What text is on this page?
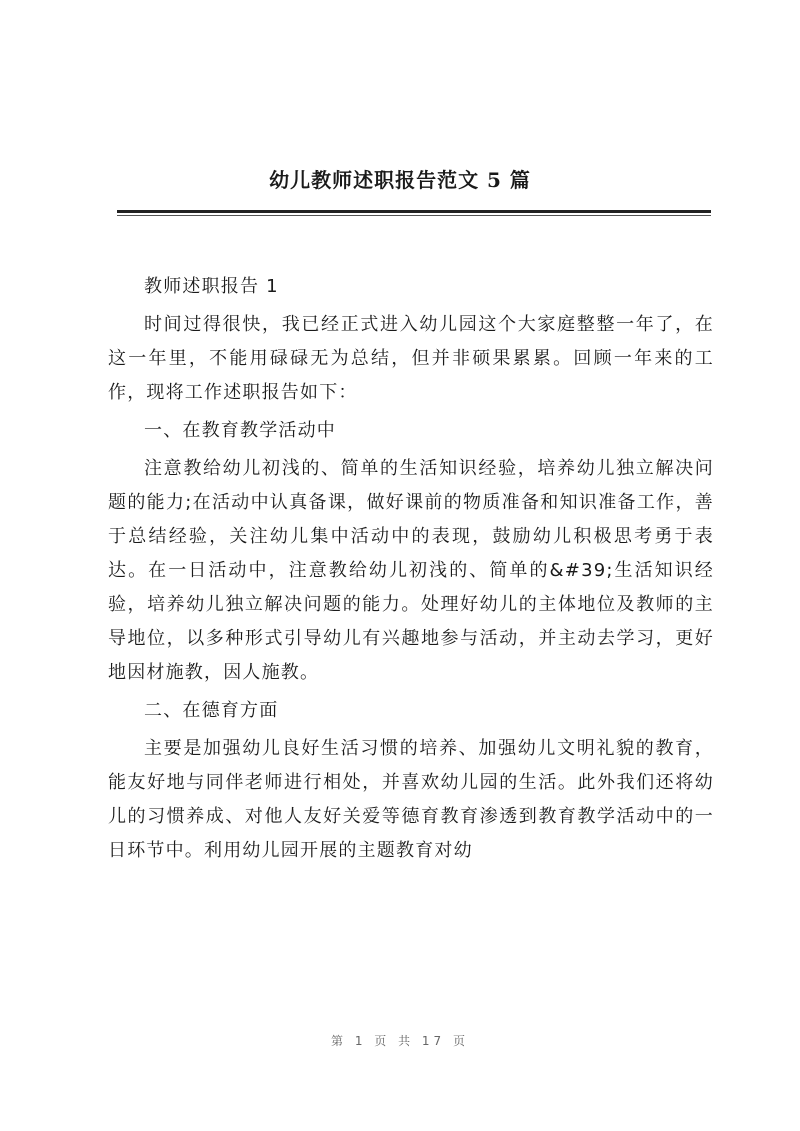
幼儿教师述职报告范文 5 篇

教师述职报告 1

时间过得很快，我已经正式进入幼儿园这个大家庭整整一年了，在这一年里，不能用碌碌无为总结，但并非硕果累累。回顾一年来的工作，现将工作述职报告如下：

一、在教育教学活动中

注意教给幼儿初浅的、简单的生活知识经验，培养幼儿独立解决问题的能力;在活动中认真备课，做好课前的物质准备和知识准备工作，善于总结经验，关注幼儿集中活动中的表现，鼓励幼儿积极思考勇于表达。在一日活动中，注意教给幼儿初浅的、简单的&#39;生活知识经验，培养幼儿独立解决问题的能力。处理好幼儿的主体地位及教师的主导地位，以多种形式引导幼儿有兴趣地参与活动，并主动去学习，更好地因材施教，因人施教。

二、在德育方面

主要是加强幼儿良好生活习惯的培养、加强幼儿文明礼貌的教育，能友好地与同伴老师进行相处，并喜欢幼儿园的生活。此外我们还将幼儿的习惯养成、对他人友好关爱等德育教育渗透到教育教学活动中的一日环节中。利用幼儿园开展的主题教育对幼

第 1 页 共 17 页
